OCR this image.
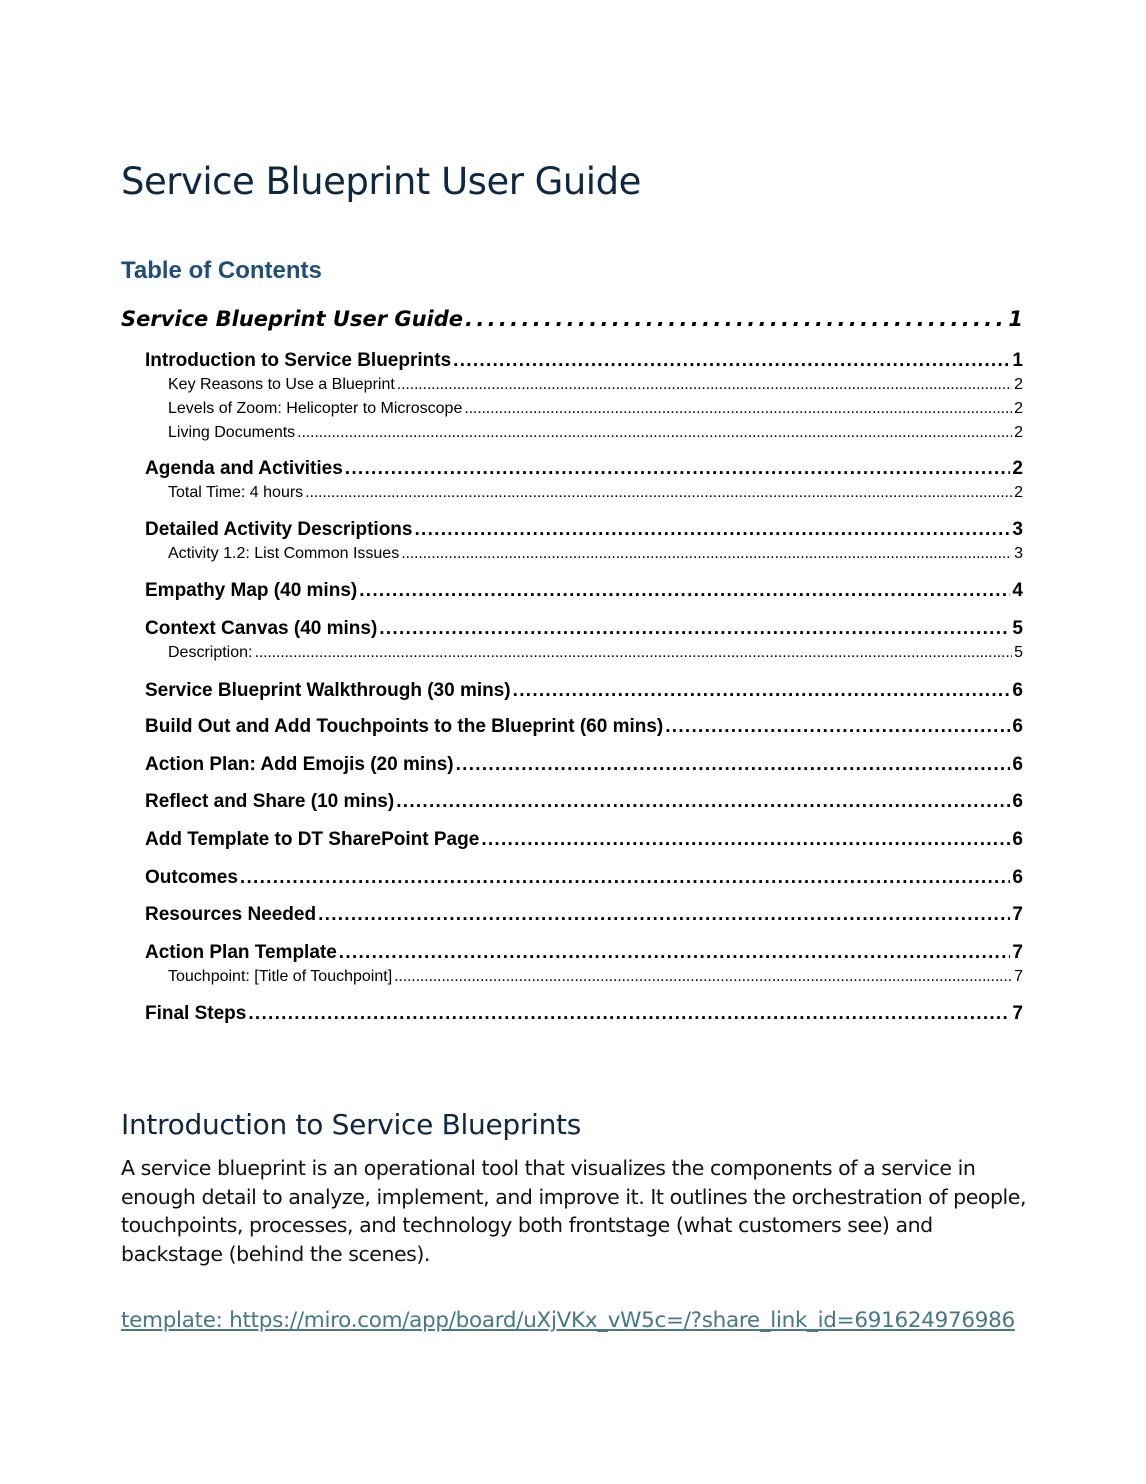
Service Blueprint User Guide
Table of Contents
Service Blueprint User Guide . . .	1
Introduction to Service Blueprints . . .	1
Key Reasons to Use a Blueprint . . .	2
Levels of Zoom: Helicopter to Microscope . . .	2
Living Documents . . .	2
Agenda and Activities . . .	2
Total Time: 4 hours . . .	2
Detailed Activity Descriptions . . .	3
Activity 1.2: List Common Issues . . .	3
Empathy Map (40 mins) . . .	4
Context Canvas (40 mins) . . .	5
Description: . . .	5
Service Blueprint Walkthrough (30 mins) . . .	6
Build Out and Add Touchpoints to the Blueprint (60 mins) . . .	6
Action Plan: Add Emojis (20 mins) . . .	6
Reflect and Share (10 mins) . . .	6
Add Template to DT SharePoint Page . . .	6
Outcomes . . .	6
Resources Needed . . .	7
Action Plan Template . . .	7
Touchpoint: [Title of Touchpoint] . . .	7
Final Steps . . .	7
Introduction to Service Blueprints

A service blueprint is an operational tool that visualizes the components of a service in enough detail to analyze, implement, and improve it. It outlines the orchestration of people, touchpoints, processes, and technology both frontstage (what customers see) and backstage (behind the scenes).

template: https://miro.com/app/board/uXjVKx_vW5c=/?share_link_id=691624976986
